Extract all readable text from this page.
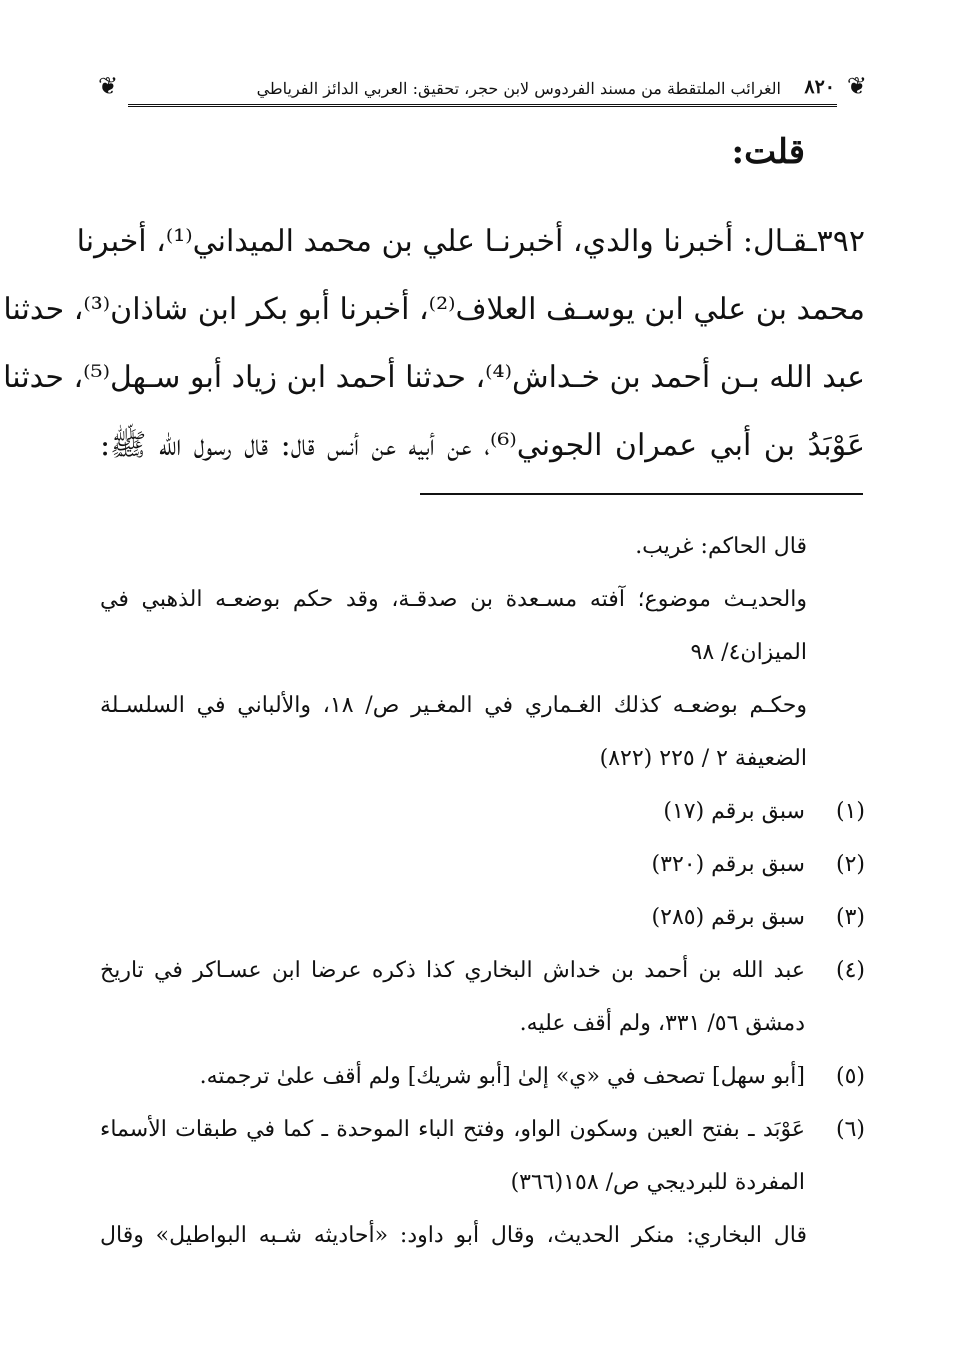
❦
٨٢٠
الغرائب الملتقطة من مسند الفردوس لابن حجر، تحقيق: العربي الدائز الفرياطي
❦
قلت:
٣٩٢ـقـال: أخبرنا والدي، أخبرنـا علي بن محمد الميداني⁽¹⁾، أخبرنا
محمد بن علي ابن يوسـف العلاف⁽²⁾، أخبرنا أبو بكر ابن شاذان⁽³⁾، حدثنا
عبد الله بـن أحمد بن خـداش⁽⁴⁾، حدثنا أحمد ابن زياد أبو سـهل⁽⁵⁾، حدثنا
عَوْبَدُ بن أبي عمران الجوني⁽⁶⁾، عن أبيه عن أنس قال: قال رسول الله ﷺ:
قال الحاكم: غريب.
والحديـث موضوع؛ آفته مسـعدة بن صدقـة، وقد حكم بوضعـه الذهبي في
الميزان٤/ ٩٨
وحكـم بوضعـه كذلك الغـماري في المغـير ص/ ١٨، والألباني في السلسـلة
الضعيفة ٢ / ٢٢٥ (٨٢٢)
(١)
سبق برقم (١٧)
(٢)
سبق برقم (٣٢٠)
(٣)
سبق برقم (٢٨٥)
(٤)
عبد الله بن أحمد بن خداش البخاري كذا ذكره عرضا ابن عسـاكر في تاريخ
دمشق ٥٦/ ٣٣١، ولم أقف عليه.
(٥)
[أبو سهل] تصحف في «ي» إلىٰ [أبو شريك] ولم أقف علىٰ ترجمته.
(٦)
عَوْبَد ـ بفتح العين وسكون الواو، وفتح الباء الموحدة ـ كما في طبقات الأسماء
المفردة للبرديجي ص/ ١٥٨(٣٦٦)
قال البخاري: منكر الحديث، وقال أبو داود: «أحاديثه شـبه البواطيل» وقال
